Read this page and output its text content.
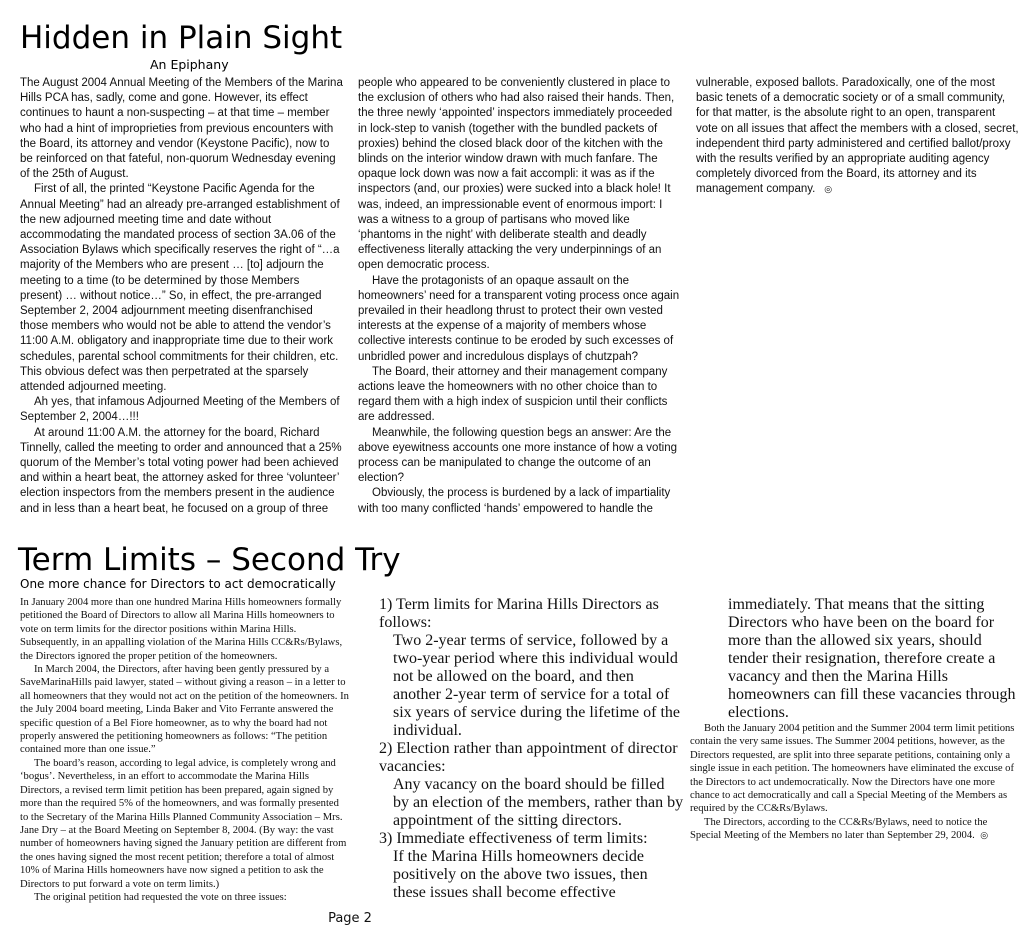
Hidden in Plain Sight
An Epiphany

The August 2004 Annual Meeting of the Members of the Marina Hills PCA has, sadly, come and gone. However, its effect continues to haunt a non-suspecting – at that time – member who had a hint of improprieties from previous encounters with the Board, its attorney and vendor (Keystone Pacific), now to be reinforced on that fateful, non-quorum Wednesday evening of the 25th of August.

First of all, the printed “Keystone Pacific Agenda for the Annual Meeting” had an already pre-arranged establishment of the new adjourned meeting time and date without accommodating the mandated process of section 3A.06 of the Association Bylaws which specifically reserves the right of “…a majority of the Members who are present … [to] adjourn the meeting to a time (to be determined by those Members present) … without notice…” So, in effect, the pre-arranged September 2, 2004 adjournment meeting disenfranchised those members who would not be able to attend the vendor’s 11:00 A.M. obligatory and inappropriate time due to their work schedules, parental school commitments for their children, etc. This obvious defect was then perpetrated at the sparsely attended adjourned meeting.

Ah yes, that infamous Adjourned Meeting of the Members of September 2, 2004…!!!

At around 11:00 A.M. the attorney for the board, Richard Tinnelly, called the meeting to order and announced that a 25% quorum of the Member’s total voting power had been achieved and within a heart beat, the attorney asked for three ‘volunteer’ election inspectors from the members present in the audience and in less than a heart beat, he focused on a group of three people who appeared to be conveniently clustered in place to the exclusion of others who had also raised their hands. Then, the three newly ‘appointed’ inspectors immediately proceeded in lock-step to vanish (together with the bundled packets of proxies) behind the closed black door of the kitchen with the blinds on the interior window drawn with much fanfare. The opaque lock down was now a fait accompli: it was as if the inspectors (and, our proxies) were sucked into a black hole! It was, indeed, an impressionable event of enormous import: I was a witness to a group of partisans who moved like ‘phantoms in the night’ with deliberate stealth and deadly effectiveness literally attacking the very underpinnings of an open democratic process.

Have the protagonists of an opaque assault on the homeowners’ need for a transparent voting process once again prevailed in their headlong thrust to protect their own vested interests at the expense of a majority of members whose collective interests continue to be eroded by such excesses of unbridled power and incredulous displays of chutzpah?

The Board, their attorney and their management company actions leave the homeowners with no other choice than to regard them with a high index of suspicion until their conflicts are addressed.

Meanwhile, the following question begs an answer: Are the above eyewitness accounts one more instance of how a voting process can be manipulated to change the outcome of an election?

Obviously, the process is burdened by a lack of impartiality with too many conflicted ‘hands’ empowered to handle the vulnerable, exposed ballots. Paradoxically, one of the most basic tenets of a democratic society or of a small community, for that matter, is the absolute right to an open, transparent vote on all issues that affect the members with a closed, secret, independent third party administered and certified ballot/proxy with the results verified by an appropriate auditing agency completely divorced from the Board, its attorney and its management company.   ◎

Term Limits – Second Try
One more chance for Directors to act democratically

In January 2004 more than one hundred Marina Hills homeowners formally petitioned the Board of Directors to allow all Marina Hills homeowners to vote on term limits for the director positions within Marina Hills. Subsequently, in an appalling violation of the Marina Hills CC&Rs/Bylaws, the Directors ignored the proper petition of the homeowners.

In March 2004, the Directors, after having been gently pressured by a SaveMarinaHills paid lawyer, stated – without giving a reason – in a letter to all homeowners that they would not act on the petition of the homeowners. In the July 2004 board meeting, Linda Baker and Vito Ferrante answered the specific question of a Bel Fiore homeowner, as to why the board had not properly answered the petitioning homeowners as follows: “The petition contained more than one issue.”

The board’s reason, according to legal advice, is completely wrong and ‘bogus’. Nevertheless, in an effort to accommodate the Marina Hills Directors, a revised term limit petition has been prepared, again signed by more than the required 5% of the homeowners, and was formally presented to the Secretary of the Marina Hills Planned Community Association – Mrs. Jane Dry – at the Board Meeting on September 8, 2004. (By way: the vast number of homeowners having signed the January petition are different from the ones having signed the most recent petition; therefore a total of almost 10% of Marina Hills homeowners have now signed a petition to ask the Directors to put forward a vote on term limits.)

The original petition had requested the vote on three issues:

1) Term limits for Marina Hills Directors as follows:
Two 2-year terms of service, followed by a two-year period where this individual would not be allowed on the board, and then another 2-year term of service for a total of six years of service during the lifetime of the individual.
2) Election rather than appointment of director vacancies:
Any vacancy on the board should be filled by an election of the members, rather than by appointment of the sitting directors.
3) Immediate effectiveness of term limits:
If the Marina Hills homeowners decide positively on the above two issues, then these issues shall become effective immediately. That means that the sitting Directors who have been on the board for more than the allowed six years, should tender their resignation, therefore create a vacancy and then the Marina Hills homeowners can fill these vacancies through elections.

Both the January 2004 petition and the Summer 2004 term limit petitions contain the very same issues. The Summer 2004 petitions, however, as the Directors requested, are split into three separate petitions, containing only a single issue in each petition. The homeowners have eliminated the excuse of the Directors to act undemocratically. Now the Directors have one more chance to act democratically and call a Special Meeting of the Members as required by the CC&Rs/Bylaws.

The Directors, according to the CC&Rs/Bylaws, need to notice the Special Meeting of the Members no later than September 29, 2004.  ◎

Page 2
